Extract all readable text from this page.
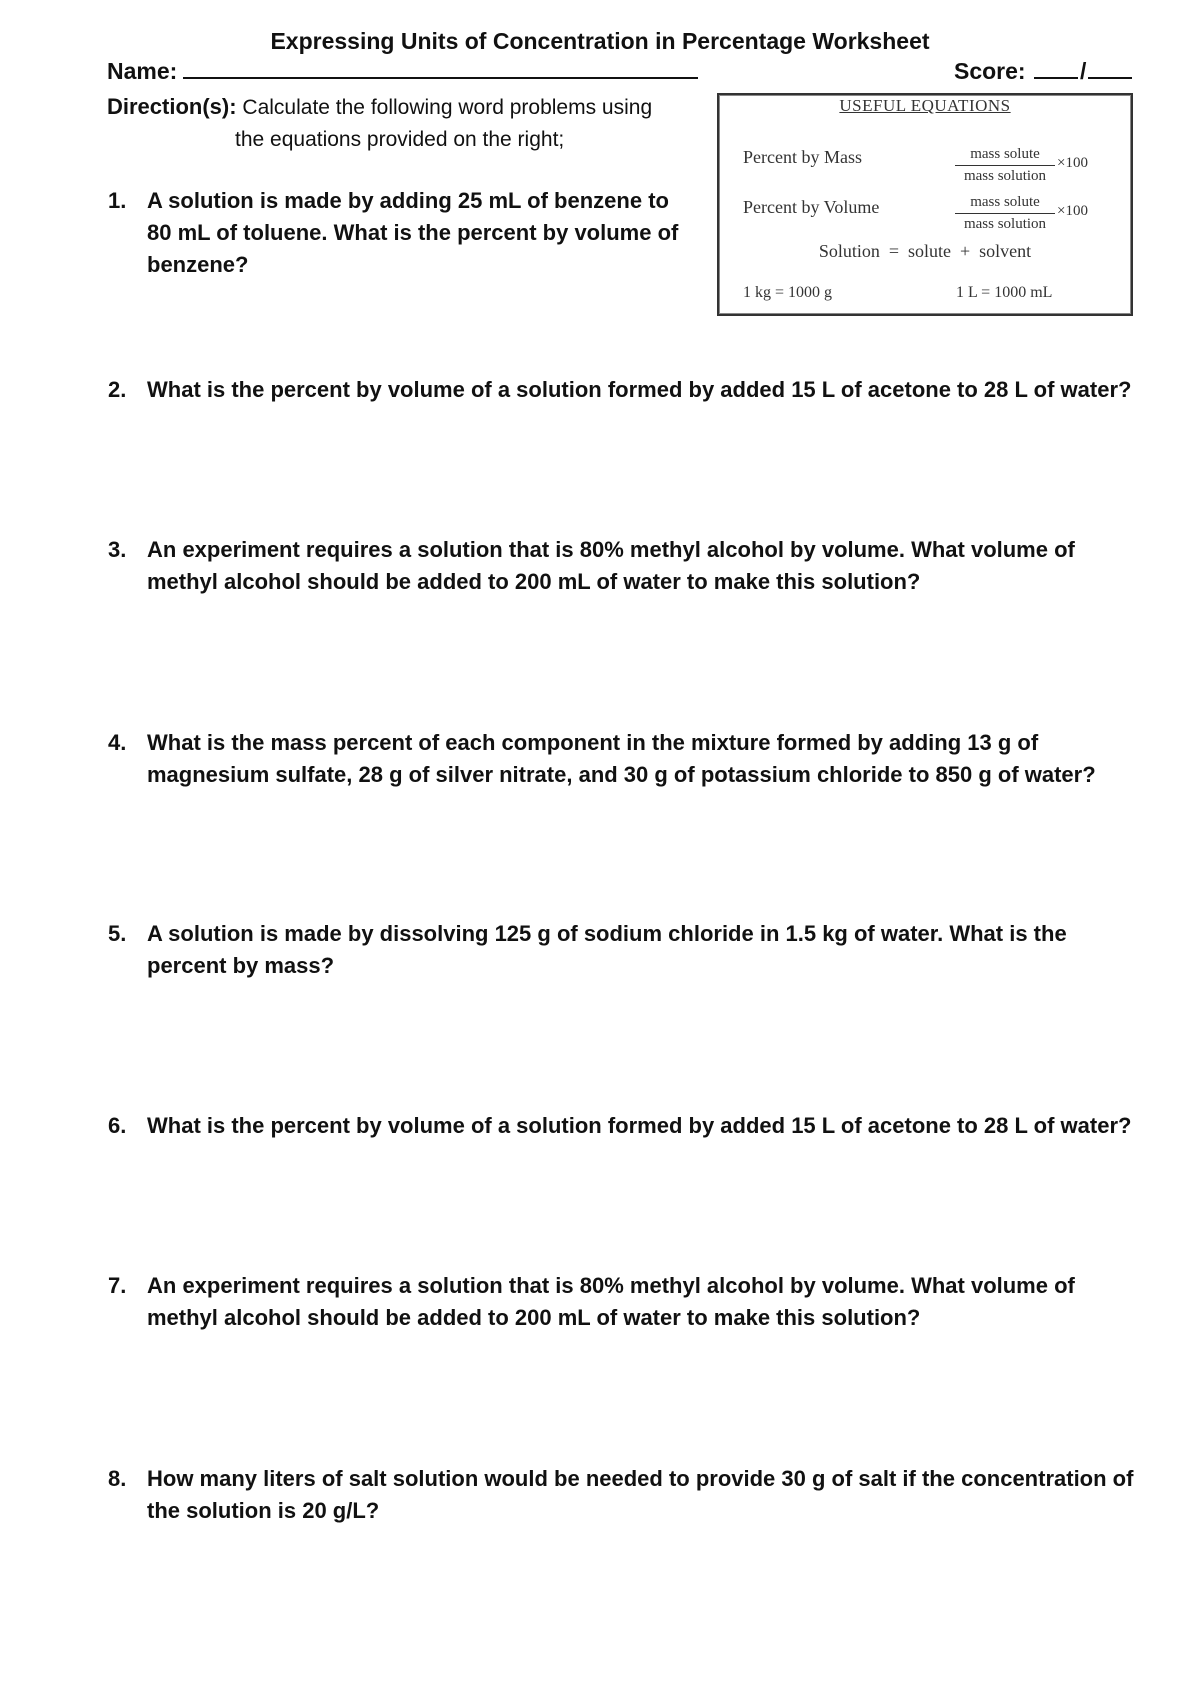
Expressing Units of Concentration in Percentage Worksheet
Name:	Score: /
Direction(s): Calculate the following word problems using
the equations provided on the right;
USEFUL EQUATIONS
Percent by Mass	mass solute
mass solution
×100
Percent by Volume	mass solute
mass solution
×100
Solution  =  solute  +  solvent
1 kg = 1000 g	1 L = 1000 mL
1. A solution is made by adding 25 mL of benzene to 80 mL of toluene. What is the percent by volume of benzene?
2. What is the percent by volume of a solution formed by added 15 L of acetone to 28 L of water?
3. An experiment requires a solution that is 80% methyl alcohol by volume. What volume of methyl alcohol should be added to 200 mL of water to make this solution?
4. What is the mass percent of each component in the mixture formed by adding 13 g of magnesium sulfate, 28 g of silver nitrate, and 30 g of potassium chloride to 850 g of water?
5. A solution is made by dissolving 125 g of sodium chloride in 1.5 kg of water. What is the percent by mass?
6. What is the percent by volume of a solution formed by added 15 L of acetone to 28 L of water?
7. An experiment requires a solution that is 80% methyl alcohol by volume. What volume of methyl alcohol should be added to 200 mL of water to make this solution?
8. How many liters of salt solution would be needed to provide 30 g of salt if the concentration of the solution is 20 g/L?
